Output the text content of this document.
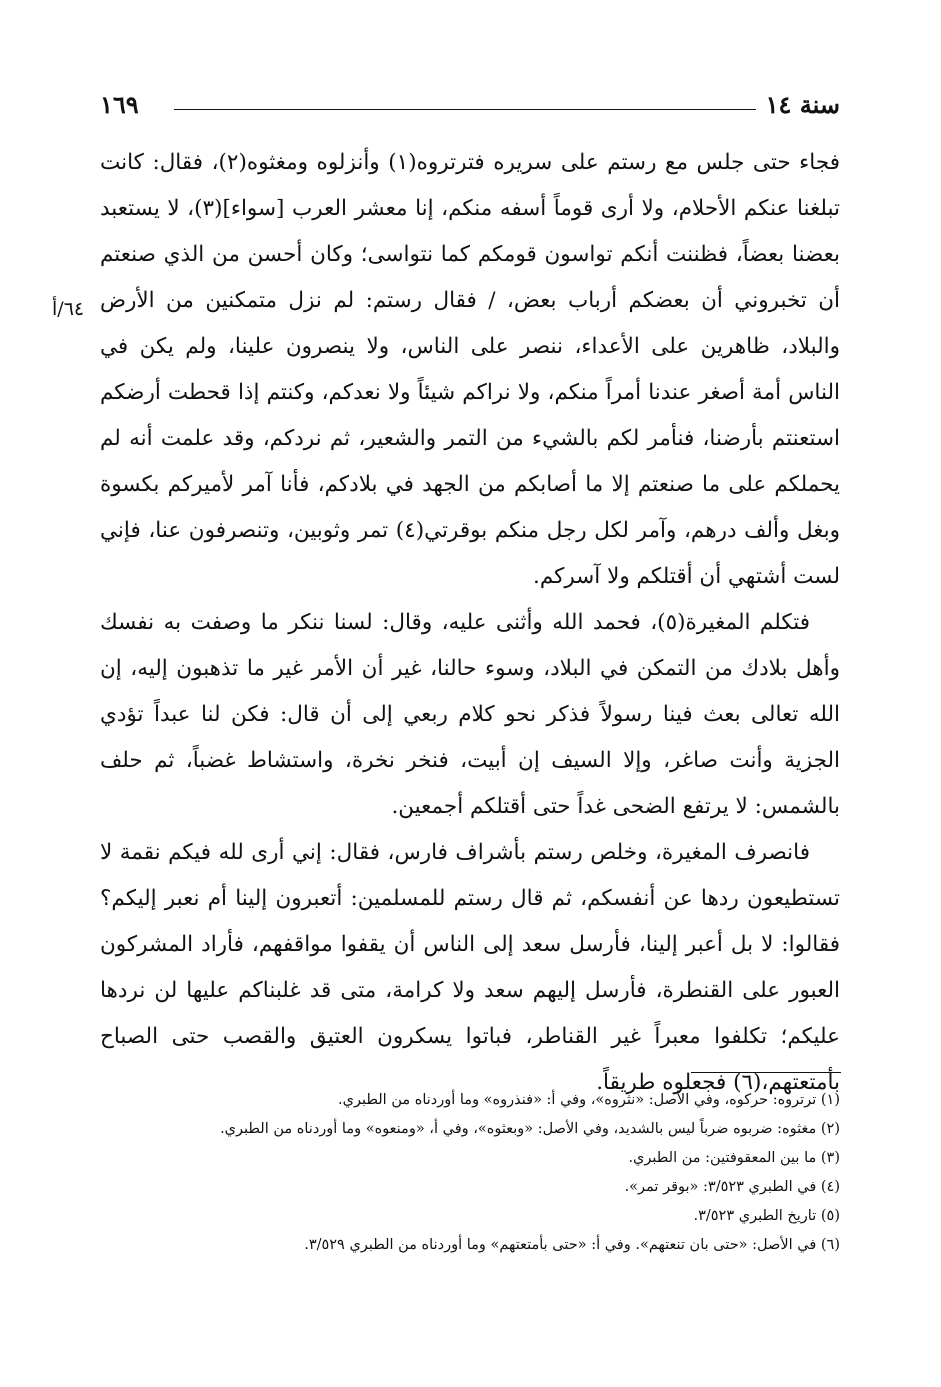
سنة ١٤
١٦٩
٦٤/أ

فجاء حتى جلس مع رستم على سريره فترتروه(١) وأنزلوه ومغثوه(٢)، فقال: كانت تبلغنا عنكم الأحلام، ولا أرى قوماً أسفه منكم، إنا معشر العرب [سواء](٣)، لا يستعبد بعضنا بعضاً، فظننت أنكم تواسون قومكم كما نتواسى؛ وكان أحسن من الذي صنعتم أن تخبروني أن بعضكم أرباب بعض، / فقال رستم: لم نزل متمكنين من الأرض والبلاد، ظاهرين على الأعداء، ننصر على الناس، ولا ينصرون علينا، ولم يكن في الناس أمة أصغر عندنا أمراً منكم، ولا نراكم شيئاً ولا نعدكم، وكنتم إذا قحطت أرضكم استعنتم بأرضنا، فنأمر لكم بالشيء من التمر والشعير، ثم نردكم، وقد علمت أنه لم يحملكم على ما صنعتم إلا ما أصابكم من الجهد في بلادكم، فأنا آمر لأميركم بكسوة وبغل وألف درهم، وآمر لكل رجل منكم بوقرتي(٤) تمر وثوبين، وتنصرفون عنا، فإني لست أشتهي أن أقتلكم ولا آسركم.

فتكلم المغيرة(٥)، فحمد الله وأثنى عليه، وقال: لسنا ننكر ما وصفت به نفسك وأهل بلادك من التمكن في البلاد، وسوء حالنا، غير أن الأمر غير ما تذهبون إليه، إن الله تعالى بعث فينا رسولاً فذكر نحو كلام ربعي إلى أن قال: فكن لنا عبداً تؤدي الجزية وأنت صاغر، وإلا السيف إن أبيت، فنخر نخرة، واستشاط غضباً، ثم حلف بالشمس: لا يرتفع الضحى غداً حتى أقتلكم أجمعين.

فانصرف المغيرة، وخلص رستم بأشراف فارس، فقال: إني أرى لله فيكم نقمة لا تستطيعون ردها عن أنفسكم، ثم قال رستم للمسلمين: أتعبرون إلينا أم نعبر إليكم؟ فقالوا: لا بل أعبر إلينا، فأرسل سعد إلى الناس أن يقفوا مواقفهم، فأراد المشركون العبور على القنطرة، فأرسل إليهم سعد ولا كرامة، متى قد غلبناكم عليها لن نردها عليكم؛ تكلفوا معبراً غير القناطر، فباتوا يسكرون العتيق والقصب حتى الصباح بأمتعتهم،(٦) فجعلوه طريقاً.

(١) ترتروه: حركوه، وفي الأصل: «نثروه»، وفي أ: «فنذروه» وما أوردناه من الطبري.
(٢) مغثوه: ضربوه ضرباً ليس بالشديد، وفي الأصل: «وبعثوه»، وفي أ، «ومنعوه» وما أوردناه من الطبري.
(٣) ما بين المعقوفتين: من الطبري.
(٤) في الطبري ٣/٥٢٣: «بوقر تمر».
(٥) تاريخ الطبري ٣/٥٢٣.
(٦) في الأصل: «حتى بان تنعتهم». وفي أ: «حتى بأمتعتهم» وما أوردناه من الطبري ٣/٥٢٩.
